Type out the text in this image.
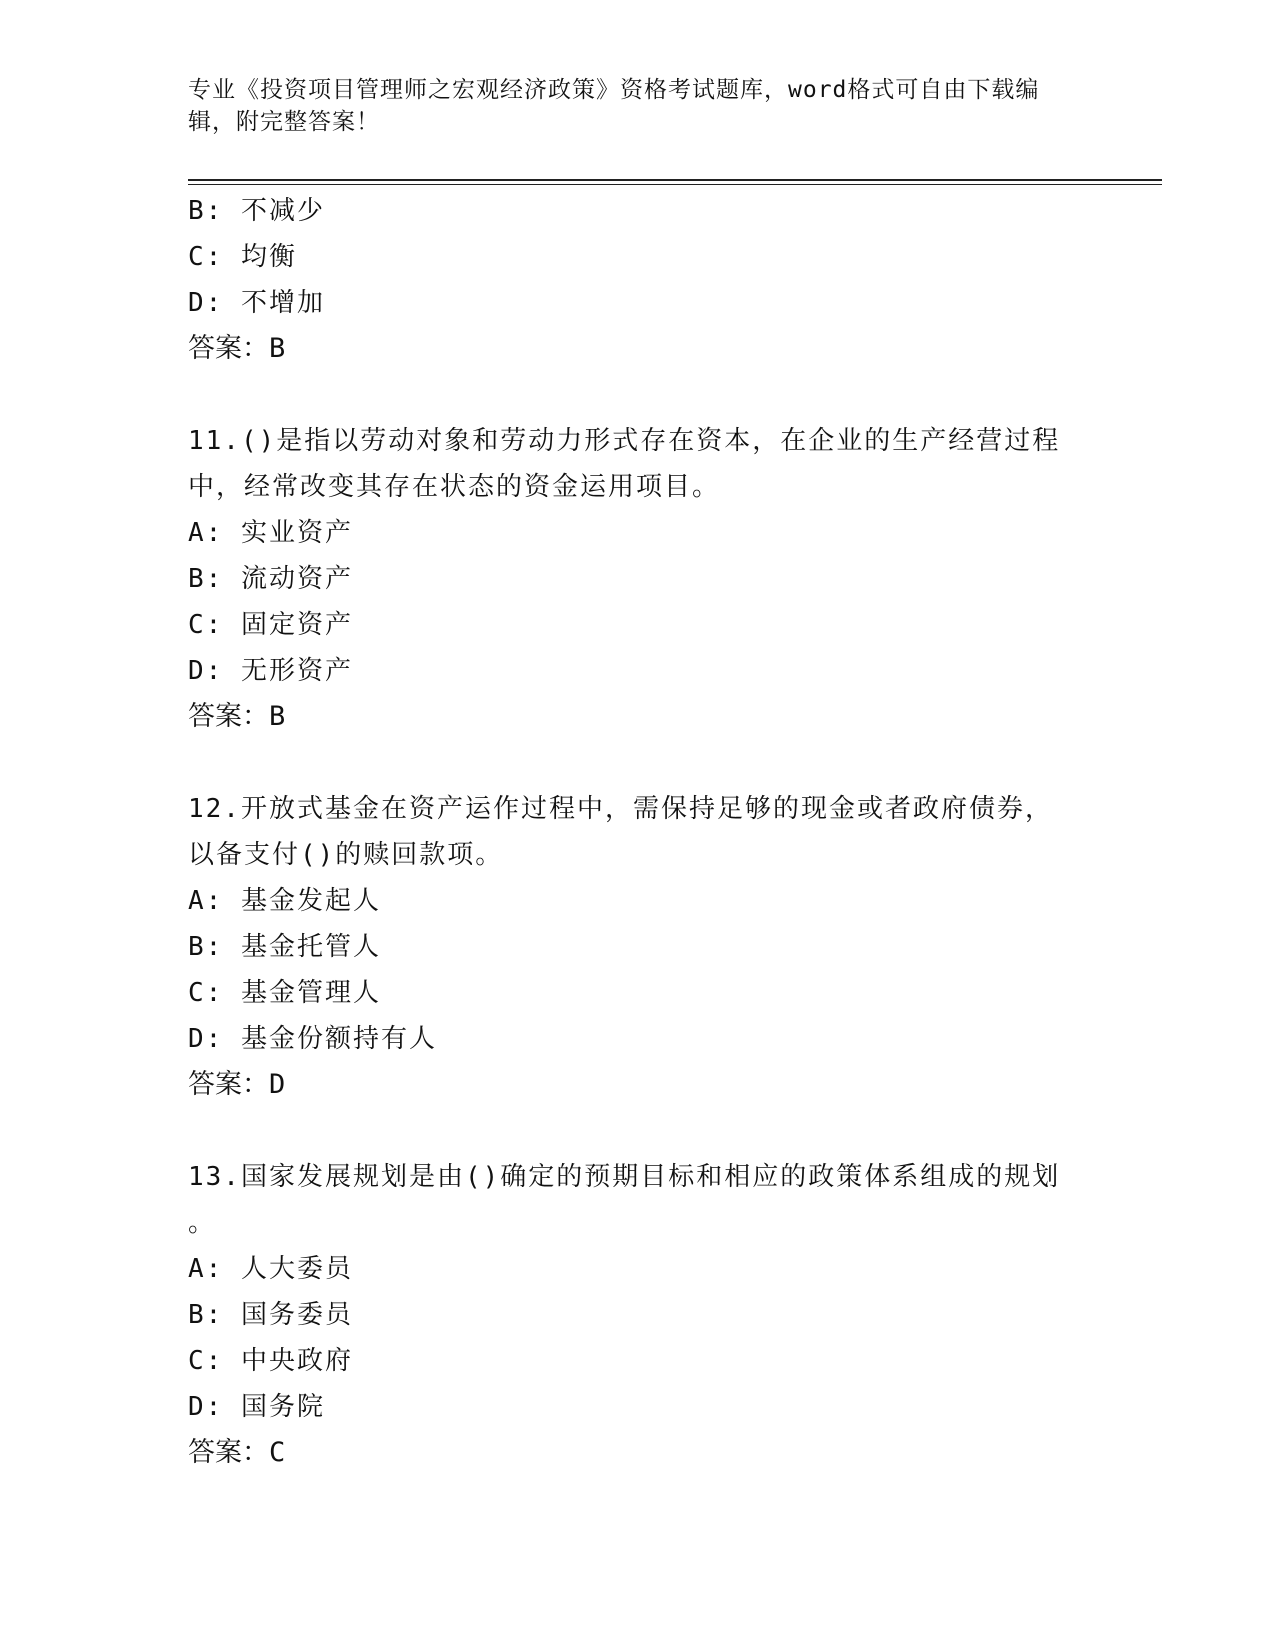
专业《投资项目管理师之宏观经济政策》资格考试题库，word格式可自由下载编
辑，附完整答案！
B: 不减少
C: 均衡
D: 不增加
答案：B
11.()是指以劳动对象和劳动力形式存在资本，在企业的生产经营过程
中，经常改变其存在状态的资金运用项目。
A: 实业资产
B: 流动资产
C: 固定资产
D: 无形资产
答案：B
12.开放式基金在资产运作过程中，需保持足够的现金或者政府债券，
以备支付()的赎回款项。
A: 基金发起人
B: 基金托管人
C: 基金管理人
D: 基金份额持有人
答案：D
13.国家发展规划是由()确定的预期目标和相应的政策体系组成的规划
。
A: 人大委员
B: 国务委员
C: 中央政府
D: 国务院
答案：C
